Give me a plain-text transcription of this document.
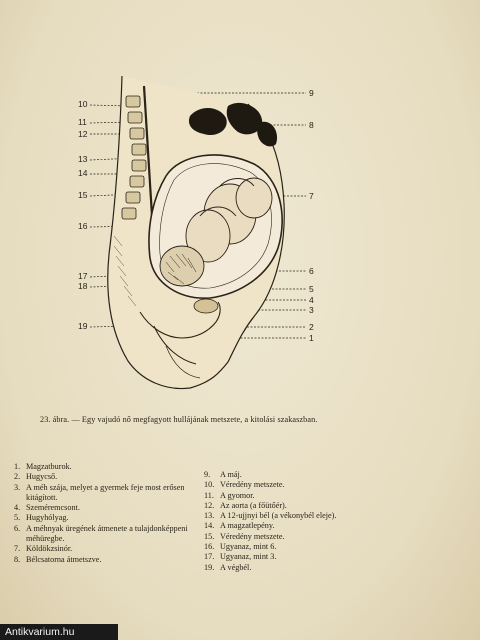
10
11
12
13
14
15
16
17
18
19
9
8
7
6
5
4
3
2
1
23. ábra. — Egy vajudó nő megfagyott hullájának metszete, a kitolási szakaszban.
1. Magzatburok.
2. Hugycső.
3. A méh szája, melyet a gyermek feje most erősen kitágított.
4. Szeméremcsont.
5. Hugyhólyag.
6. A méhnyak üregének átmenete a tulajdonképpeni méhüregbe.
7. Köldökzsinór.
8. Bélcsatorna átmetszve.
9.	A máj.
10. Véredény metszete.
11. A gyomor.
12. Az aorta (a főütőér).
13. A 12-ujjnyi bél (a vékonybél eleje).
14. A magzatlepény.
15. Véredény metszete.
16. Ugyanaz, mint 6.
17. Ugyanaz, mint 3.
19. A végbél.
Antikvarium.hu
